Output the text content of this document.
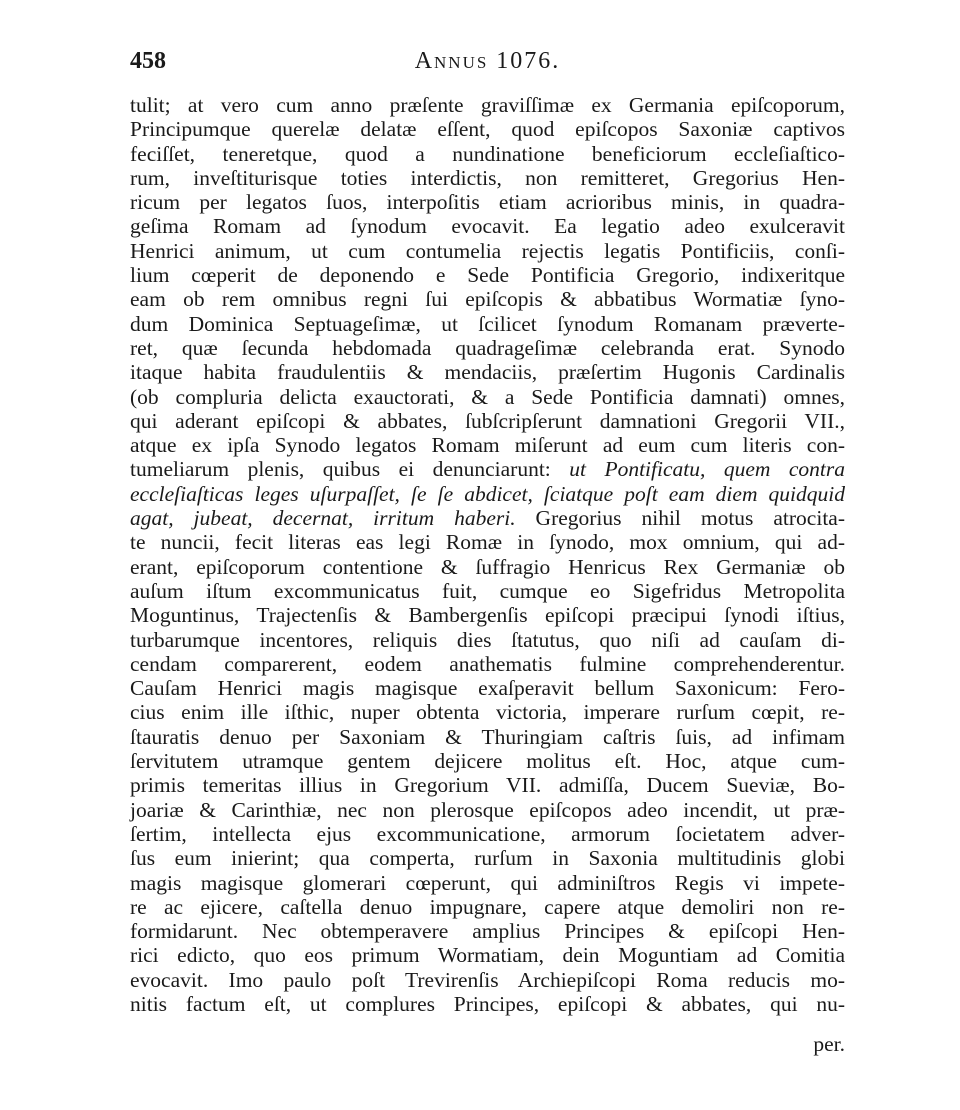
458	Annus 1076.
tulit; at vero cum anno præſente graviſſimæ ex Germania epiſcoporum,
Principumque querelæ delatæ eſſent, quod epiſcopos Saxoniæ captivos
feciſſet, teneretque, quod a nundinatione beneficiorum eccleſiaſtico-
rum, inveſtiturisque toties interdictis, non remitteret, Gregorius Hen-
ricum per legatos ſuos, interpoſitis etiam acrioribus minis, in quadra-
geſima Romam ad ſynodum evocavit. Ea legatio adeo exulceravit
Henrici animum, ut cum contumelia rejectis legatis Pontificiis, conſi-
lium cœperit de deponendo e Sede Pontificia Gregorio, indixeritque
eam ob rem omnibus regni ſui epiſcopis & abbatibus Wormatiæ ſyno-
dum Dominica Septuageſimæ, ut ſcilicet ſynodum Romanam præverte-
ret, quæ ſecunda hebdomada quadrageſimæ celebranda erat. Synodo
itaque habita fraudulentiis & mendaciis, præſertim Hugonis Cardinalis
(ob compluria delicta exauctorati, & a Sede Pontificia damnati) omnes,
qui aderant epiſcopi & abbates, ſubſcripſerunt damnationi Gregorii VII.,
atque ex ipſa Synodo legatos Romam miſerunt ad eum cum literis con-
tumeliarum plenis, quibus ei denunciarunt: ut Pontificatu, quem contra
eccleſiaſticas leges uſurpaſſet, ſe ſe abdicet, ſciatque poſt eam diem quidquid
agat, jubeat, decernat, irritum haberi. Gregorius nihil motus atrocita-
te nuncii, fecit literas eas legi Romæ in ſynodo, mox omnium, qui ad-
erant, epiſcoporum contentione & ſuffragio Henricus Rex Germaniæ ob
auſum iſtum excommunicatus fuit, cumque eo Sigefridus Metropolita
Moguntinus, Trajectenſis & Bambergenſis epiſcopi præcipui ſynodi iſtius,
turbarumque incentores, reliquis dies ſtatutus, quo niſi ad cauſam di-
cendam comparerent, eodem anathematis fulmine comprehenderentur.
Cauſam Henrici magis magisque exaſperavit bellum Saxonicum: Fero-
cius enim ille iſthic, nuper obtenta victoria, imperare rurſum cœpit, re-
ſtauratis denuo per Saxoniam & Thuringiam caſtris ſuis, ad infimam
ſervitutem utramque gentem dejicere molitus eſt. Hoc, atque cum-
primis temeritas illius in Gregorium VII. admiſſa, Ducem Sueviæ, Bo-
joariæ & Carinthiæ, nec non plerosque epiſcopos adeo incendit, ut præ-
ſertim, intellecta ejus excommunicatione, armorum ſocietatem adver-
ſus eum inierint; qua comperta, rurſum in Saxonia multitudinis globi
magis magisque glomerari cœperunt, qui adminiſtros Regis vi impete-
re ac ejicere, caſtella denuo impugnare, capere atque demoliri non re-
formidarunt. Nec obtemperavere amplius Principes & epiſcopi Hen-
rici edicto, quo eos primum Wormatiam, dein Moguntiam ad Comitia
evocavit. Imo paulo poſt Trevirenſis Archiepiſcopi Roma reducis mo-
nitis factum eſt, ut complures Principes, epiſcopi & abbates, qui nu-
per.
